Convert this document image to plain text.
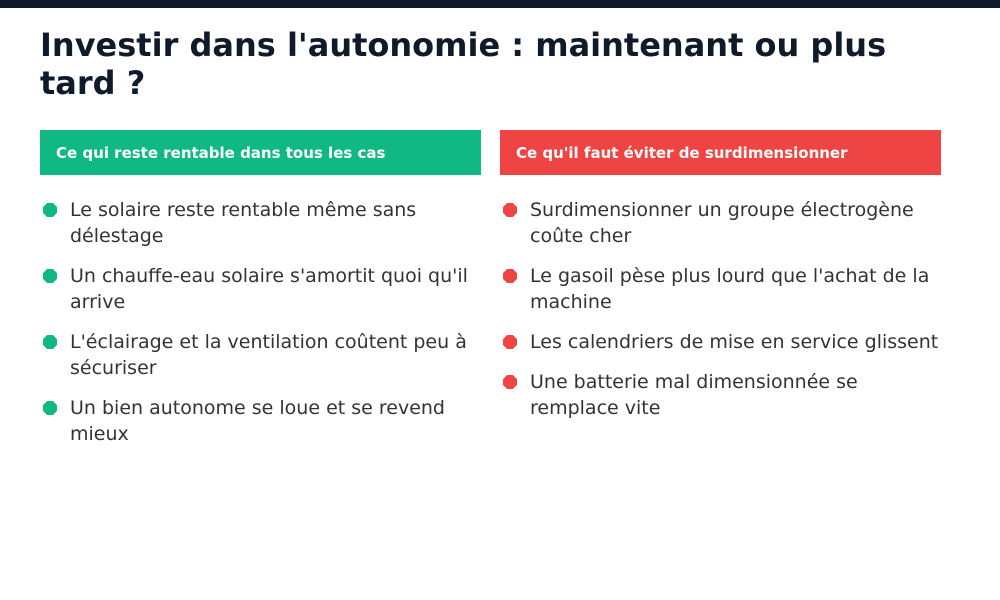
Investir dans l'autonomie : maintenant ou plus tard ?
Ce qui reste rentable dans tous les cas
Le solaire reste rentable même sans délestage
Un chauffe-eau solaire s'amortit quoi qu'il arrive
L'éclairage et la ventilation coûtent peu à sécuriser
Un bien autonome se loue et se revend mieux
Ce qu'il faut éviter de surdimensionner
Surdimensionner un groupe électrogène coûte cher
Le gasoil pèse plus lourd que l'achat de la machine
Les calendriers de mise en service glissent
Une batterie mal dimensionnée se remplace vite
